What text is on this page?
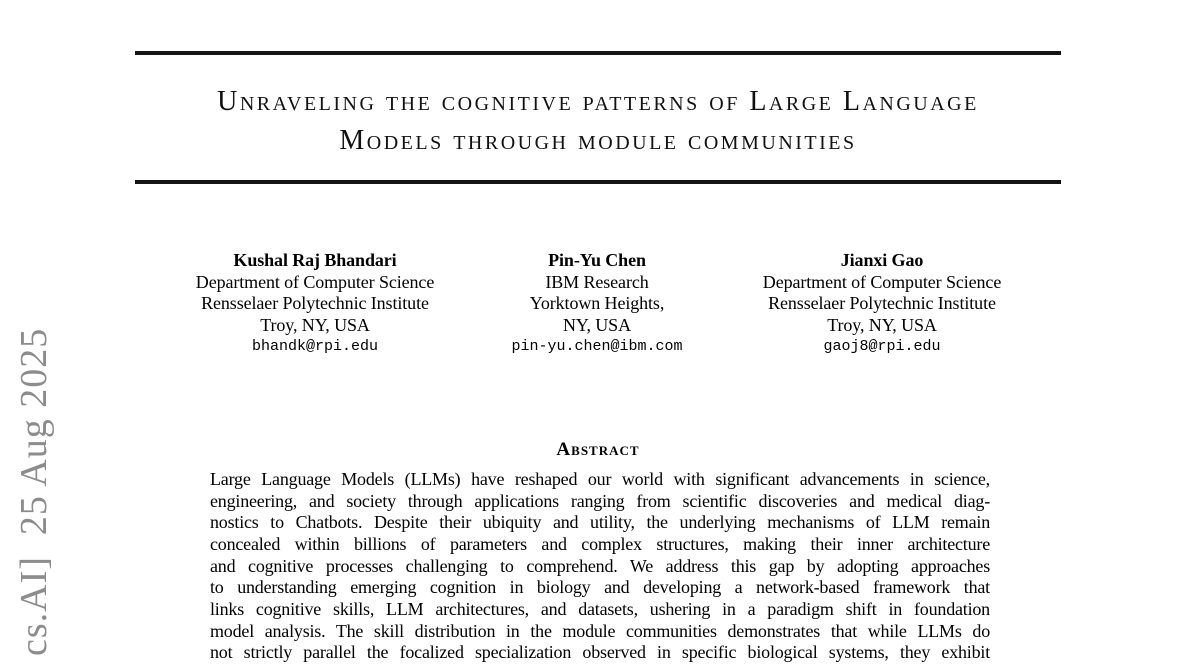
cs.AI]  25 Aug 2025
Unraveling the cognitive patterns of Large Language
Models through module communities
Kushal Raj Bhandari
Department of Computer Science
Rensselaer Polytechnic Institute
Troy, NY, USA
bhandk@rpi.edu
Pin-Yu Chen
IBM Research
Yorktown Heights,
NY, USA
pin-yu.chen@ibm.com
Jianxi Gao
Department of Computer Science
Rensselaer Polytechnic Institute
Troy, NY, USA
gaoj8@rpi.edu
Abstract
Large Language Models (LLMs) have reshaped our world with significant advancements in science,
engineering, and society through applications ranging from scientific discoveries and medical diag-
nostics to Chatbots. Despite their ubiquity and utility, the underlying mechanisms of LLM remain
concealed within billions of parameters and complex structures, making their inner architecture
and cognitive processes challenging to comprehend. We address this gap by adopting approaches
to understanding emerging cognition in biology and developing a network-based framework that
links cognitive skills, LLM architectures, and datasets, ushering in a paradigm shift in foundation
model analysis. The skill distribution in the module communities demonstrates that while LLMs do
not strictly parallel the focalized specialization observed in specific biological systems, they exhibit
